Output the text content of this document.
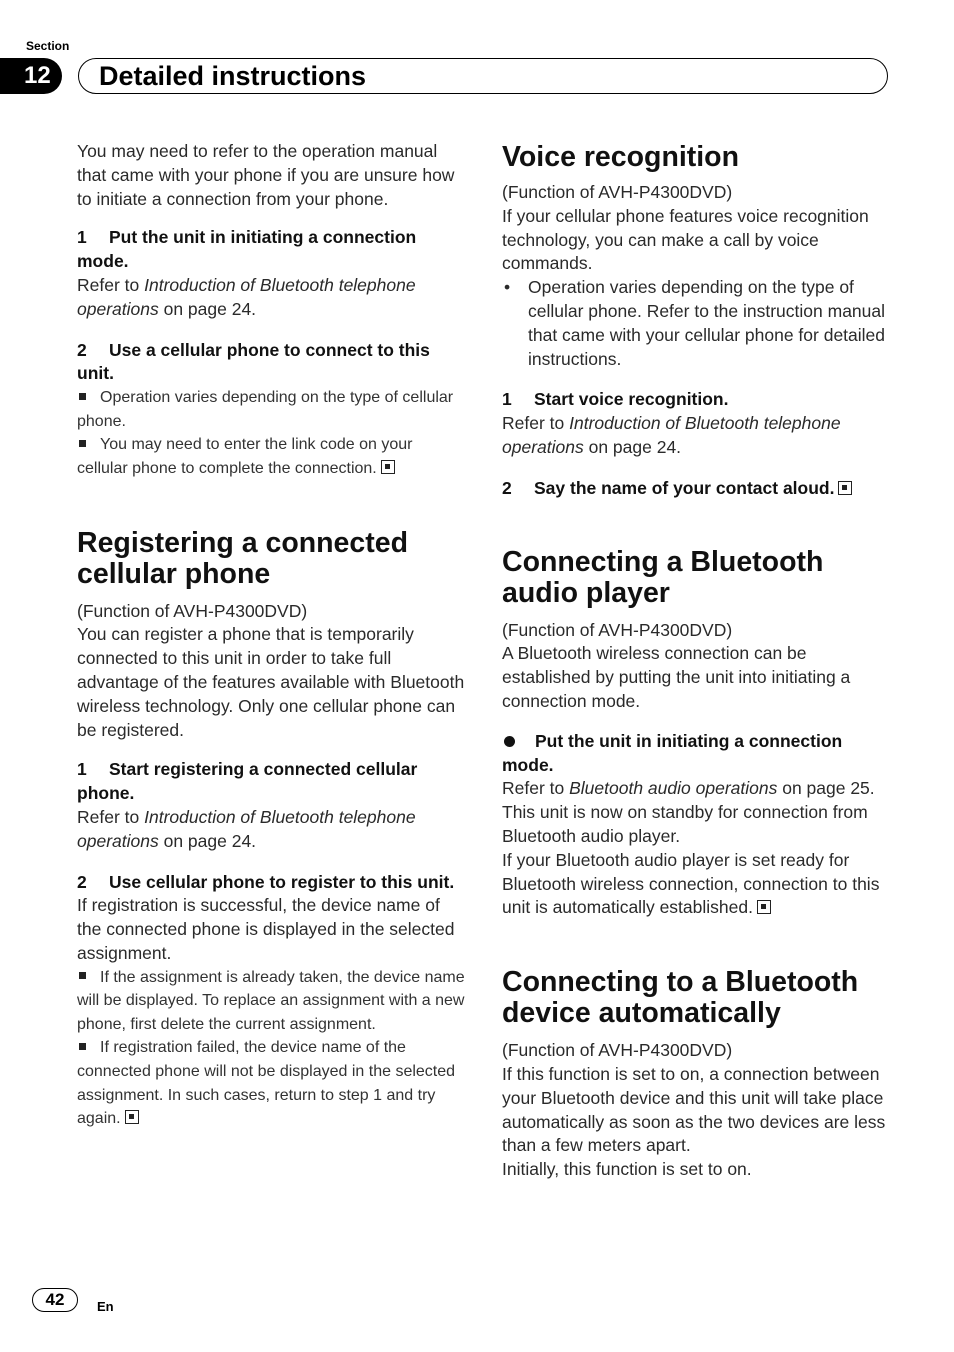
Section
12	Detailed instructions

You may need to refer to the operation manual that came with your phone if you are unsure how to initiate a connection from your phone.

1 Put the unit in initiating a connection mode.

Refer to Introduction of Bluetooth telephone operations on page 24.

2 Use a cellular phone to connect to this unit.

Operation varies depending on the type of cellular phone.

You may need to enter the link code on your cellular phone to complete the connection.

Registering a connected cellular phone

(Function of AVH-P4300DVD)

You can register a phone that is temporarily connected to this unit in order to take full advantage of the features available with Bluetooth wireless technology. Only one cellular phone can be registered.

1 Start registering a connected cellular phone.

Refer to Introduction of Bluetooth telephone operations on page 24.

2 Use cellular phone to register to this unit.

If registration is successful, the device name of the connected phone is displayed in the selected assignment.

If the assignment is already taken, the device name will be displayed. To replace an assignment with a new phone, first delete the current assignment.

If registration failed, the device name of the connected phone will not be displayed in the selected assignment. In such cases, return to step 1 and try again.

Voice recognition

(Function of AVH-P4300DVD)

If your cellular phone features voice recognition technology, you can make a call by voice commands.

• Operation varies depending on the type of cellular phone. Refer to the instruction manual that came with your cellular phone for detailed instructions.

1 Start voice recognition.

Refer to Introduction of Bluetooth telephone operations on page 24.

2 Say the name of your contact aloud.

Connecting a Bluetooth audio player

(Function of AVH-P4300DVD)

A Bluetooth wireless connection can be established by putting the unit into initiating a connection mode.

Put the unit in initiating a connection mode.

Refer to Bluetooth audio operations on page 25.

This unit is now on standby for connection from Bluetooth audio player.

If your Bluetooth audio player is set ready for Bluetooth wireless connection, connection to this unit is automatically established.

Connecting to a Bluetooth device automatically

(Function of AVH-P4300DVD)

If this function is set to on, a connection between your Bluetooth device and this unit will take place automatically as soon as the two devices are less than a few meters apart.

Initially, this function is set to on.

42	En
